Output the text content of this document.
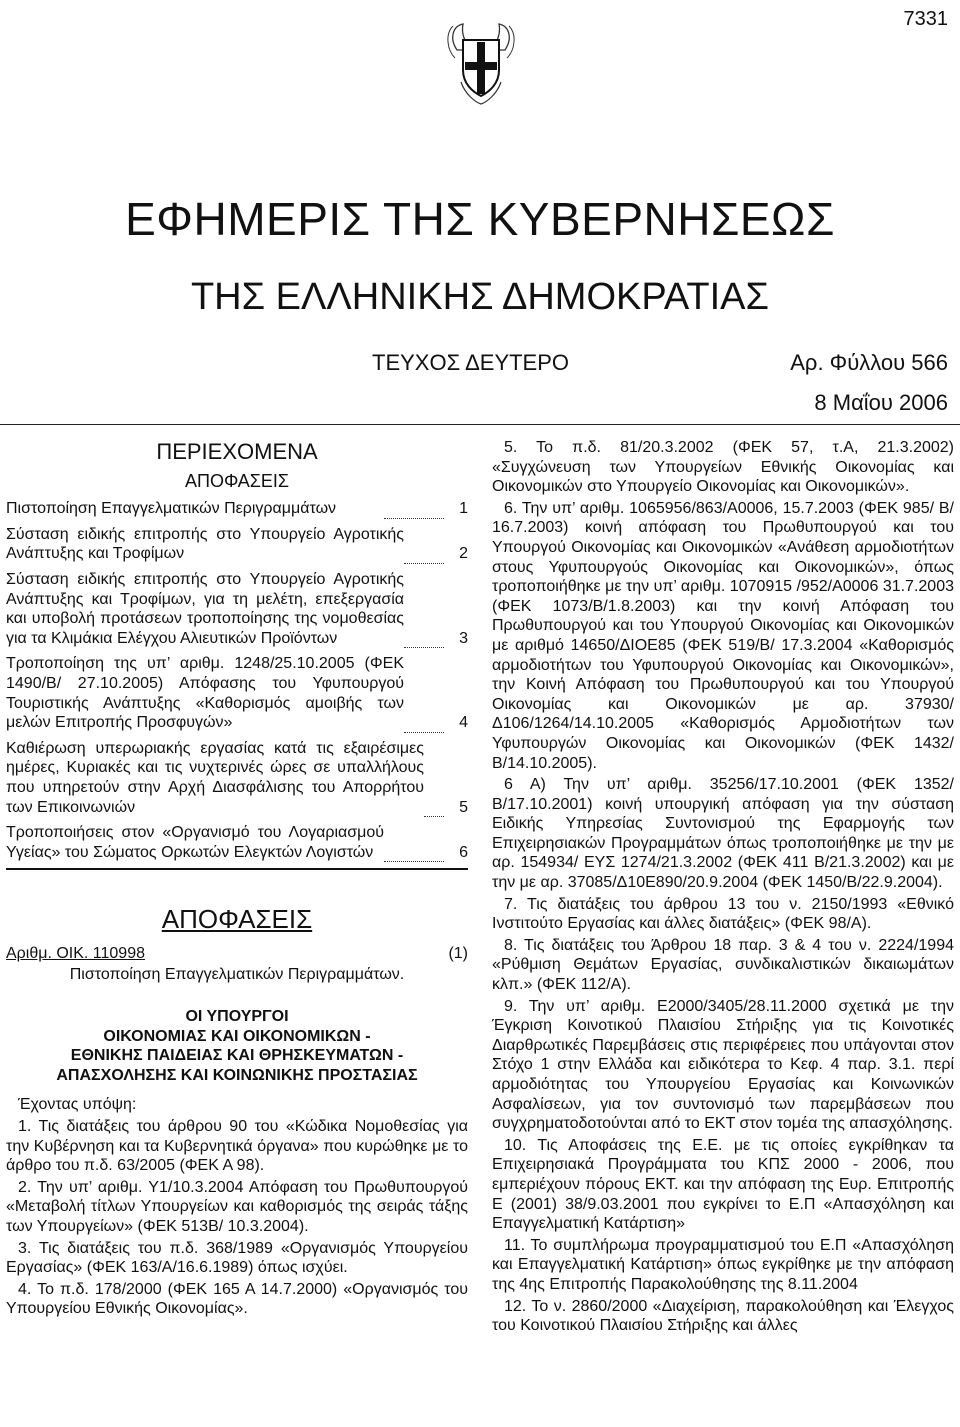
7331
ΕΦΗΜΕΡΙΣ ΤΗΣ ΚΥΒΕΡΝΗΣΕΩΣ
ΤΗΣ ΕΛΛΗΝΙΚΗΣ ΔΗΜΟΚΡΑΤΙΑΣ
ΤΕΥΧΟΣ ΔΕΥΤΕΡΟ	Αρ. Φύλλου 566
8 Μαΐου 2006
ΠΕΡΙΕΧΟΜΕΝΑ
ΑΠΟΦΑΣΕΙΣ
Πιστοποίηση Επαγγελματικών Περιγραμμάτων	1
Σύσταση ειδικής επιτροπής στο Υπουργείο Αγροτικής Ανάπτυξης και Τροφίμων	2
Σύσταση ειδικής επιτροπής στο Υπουργείο Αγροτικής Ανάπτυξης και Τροφίμων, για τη μελέτη, επεξεργασία και υποβολή προτάσεων τροποποίησης της νομοθεσίας για τα Κλιμάκια Ελέγχου Αλιευτικών Προϊόντων	3
Τροποποίηση της υπ’ αριθμ. 1248/25.10.2005 (ΦΕΚ 1490/Β/ 27.10.2005) Απόφασης του Υφυπουργού Τουριστικής Ανάπτυξης «Καθορισμός αμοιβής των μελών Επιτροπής Προσφυγών»	4
Καθιέρωση υπερωριακής εργασίας κατά τις εξαιρέσιμες ημέρες, Κυριακές και τις νυχτερινές ώρες σε υπαλλήλους που υπηρετούν στην Αρχή Διασφάλισης του Απορρήτου των Επικοινωνιών	5
Τροποποιήσεις στον «Οργανισμό του Λογαριασμού Υγείας» του Σώματος Ορκωτών Ελεγκτών Λογιστών	6
ΑΠΟΦΑΣΕΙΣ
Αριθμ. ΟΙΚ. 110998	(1)
Πιστοποίηση Επαγγελματικών Περιγραμμάτων.
ΟΙ ΥΠΟΥΡΓΟΙ
ΟΙΚΟΝΟΜΙΑΣ ΚΑΙ ΟΙΚΟΝΟΜΙΚΩΝ -
ΕΘΝΙΚΗΣ ΠΑΙΔΕΙΑΣ ΚΑΙ ΘΡΗΣΚΕΥΜΑΤΩΝ -
ΑΠΑΣΧΟΛΗΣΗΣ ΚΑΙ ΚΟΙΝΩΝΙΚΗΣ ΠΡΟΣΤΑΣΙΑΣ

Έχοντας υπόψη:

1. Τις διατάξεις του άρθρου 90 του «Κώδικα Νομοθεσίας για την Κυβέρνηση και τα Κυβερνητικά όργανα» που κυρώθηκε με το άρθρο του π.δ. 63/2005 (ΦΕΚ Α 98).

2. Την υπ’ αριθμ. Υ1/10.3.2004 Απόφαση του Πρωθυπουργού «Μεταβολή τίτλων Υπουργείων και καθορισμός της σειράς τάξης των Υπουργείων» (ΦΕΚ 513Β/ 10.3.2004).

3. Τις διατάξεις του π.δ. 368/1989 «Οργανισμός Υπουργείου Εργασίας» (ΦΕΚ 163/Α/16.6.1989) όπως ισχύει.

4. Το π.δ. 178/2000 (ΦΕΚ 165 Α 14.7.2000) «Οργανισμός του Υπουργείου Εθνικής Οικονομίας».

5. Το π.δ. 81/20.3.2002 (ΦΕΚ 57, τ.Α, 21.3.2002) «Συγχώνευση των Υπουργείων Εθνικής Οικονομίας και Οικονομικών στο Υπουργείο Οικονομίας και Οικονομικών».

6. Την υπ’ αριθμ. 1065956/863/Α0006, 15.7.2003 (ΦΕΚ 985/ Β/ 16.7.2003) κοινή απόφαση του Πρωθυπουργού και του Υπουργού Οικονομίας και Οικονομικών «Ανάθεση αρμοδιοτήτων στους Υφυπουργούς Οικονομίας και Οικονομικών», όπως τροποποιήθηκε με την υπ’ αριθμ. 1070915 /952/Α0006 31.7.2003 (ΦΕΚ 1073/Β/1.8.2003) και την κοινή Απόφαση του Πρωθυπουργού και του Υπουργού Οικονομίας και Οικονομικών με αριθμό 14650/ΔΙΟΕ85 (ΦΕΚ 519/Β/ 17.3.2004 «Καθορισμός αρμοδιοτήτων του Υφυπουργού Οικονομίας και Οικονομικών», την Κοινή Απόφαση του Πρωθυπουργού και του Υπουργού Οικονομίας και Οικονομικών με αρ. 37930/Δ106/1264/14.10.2005 «Καθορισμός Αρμοδιοτήτων των Υφυπουργών Οικονομίας και Οικονομικών (ΦΕΚ 1432/Β/14.10.2005).

6 Α) Την υπ’ αριθμ. 35256/17.10.2001 (ΦΕΚ 1352/Β/17.10.2001) κοινή υπουργική απόφαση για την σύσταση Ειδικής Υπηρεσίας Συντονισμού της Εφαρμογής των Επιχειρησιακών Προγραμμάτων όπως τροποποιήθηκε με την με αρ. 154934/ ΕΥΣ 1274/21.3.2002 (ΦΕΚ 411 Β/21.3.2002) και με την με αρ. 37085/Δ10Ε890/20.9.2004 (ΦΕΚ 1450/Β/22.9.2004).

7. Τις διατάξεις του άρθρου 13 του ν. 2150/1993 «Εθνικό Ινστιτούτο Εργασίας και άλλες διατάξεις» (ΦΕΚ 98/Α).

8. Τις διατάξεις του Άρθρου 18 παρ. 3 & 4 του ν. 2224/1994 «Ρύθμιση Θεμάτων Εργασίας, συνδικαλιστικών δικαιωμάτων κλπ.» (ΦΕΚ 112/Α).

9. Την υπ’ αριθμ. Ε2000/3405/28.11.2000 σχετικά με την Έγκριση Κοινοτικού Πλαισίου Στήριξης για τις Κοινοτικές Διαρθρωτικές Παρεμβάσεις στις περιφέρειες που υπάγονται στον Στόχο 1 στην Ελλάδα και ειδικότερα το Κεφ. 4 παρ. 3.1. περί αρμοδιότητας του Υπουργείου Εργασίας και Κοινωνικών Ασφαλίσεων, για τον συντονισμό των παρεμβάσεων που συγχρηματοδοτούνται από το ΕΚΤ στον τομέα της απασχόλησης.

10. Τις Αποφάσεις της Ε.Ε. με τις οποίες εγκρίθηκαν τα Επιχειρησιακά Προγράμματα του ΚΠΣ 2000 - 2006, που εμπεριέχουν πόρους ΕΚΤ. και την απόφαση της Ευρ. Επιτροπής Ε (2001) 38/9.03.2001 που εγκρίνει το Ε.Π «Απασχόληση και Επαγγελματική Κατάρτιση»

11. Το συμπλήρωμα προγραμματισμού του Ε.Π «Απασχόληση και Επαγγελματική Κατάρτιση» όπως εγκρίθηκε με την απόφαση της 4ης Επιτροπής Παρακολούθησης της 8.11.2004

12. Το ν. 2860/2000 «Διαχείριση, παρακολούθηση και Έλεγχος του Κοινοτικού Πλαισίου Στήριξης και άλλες
